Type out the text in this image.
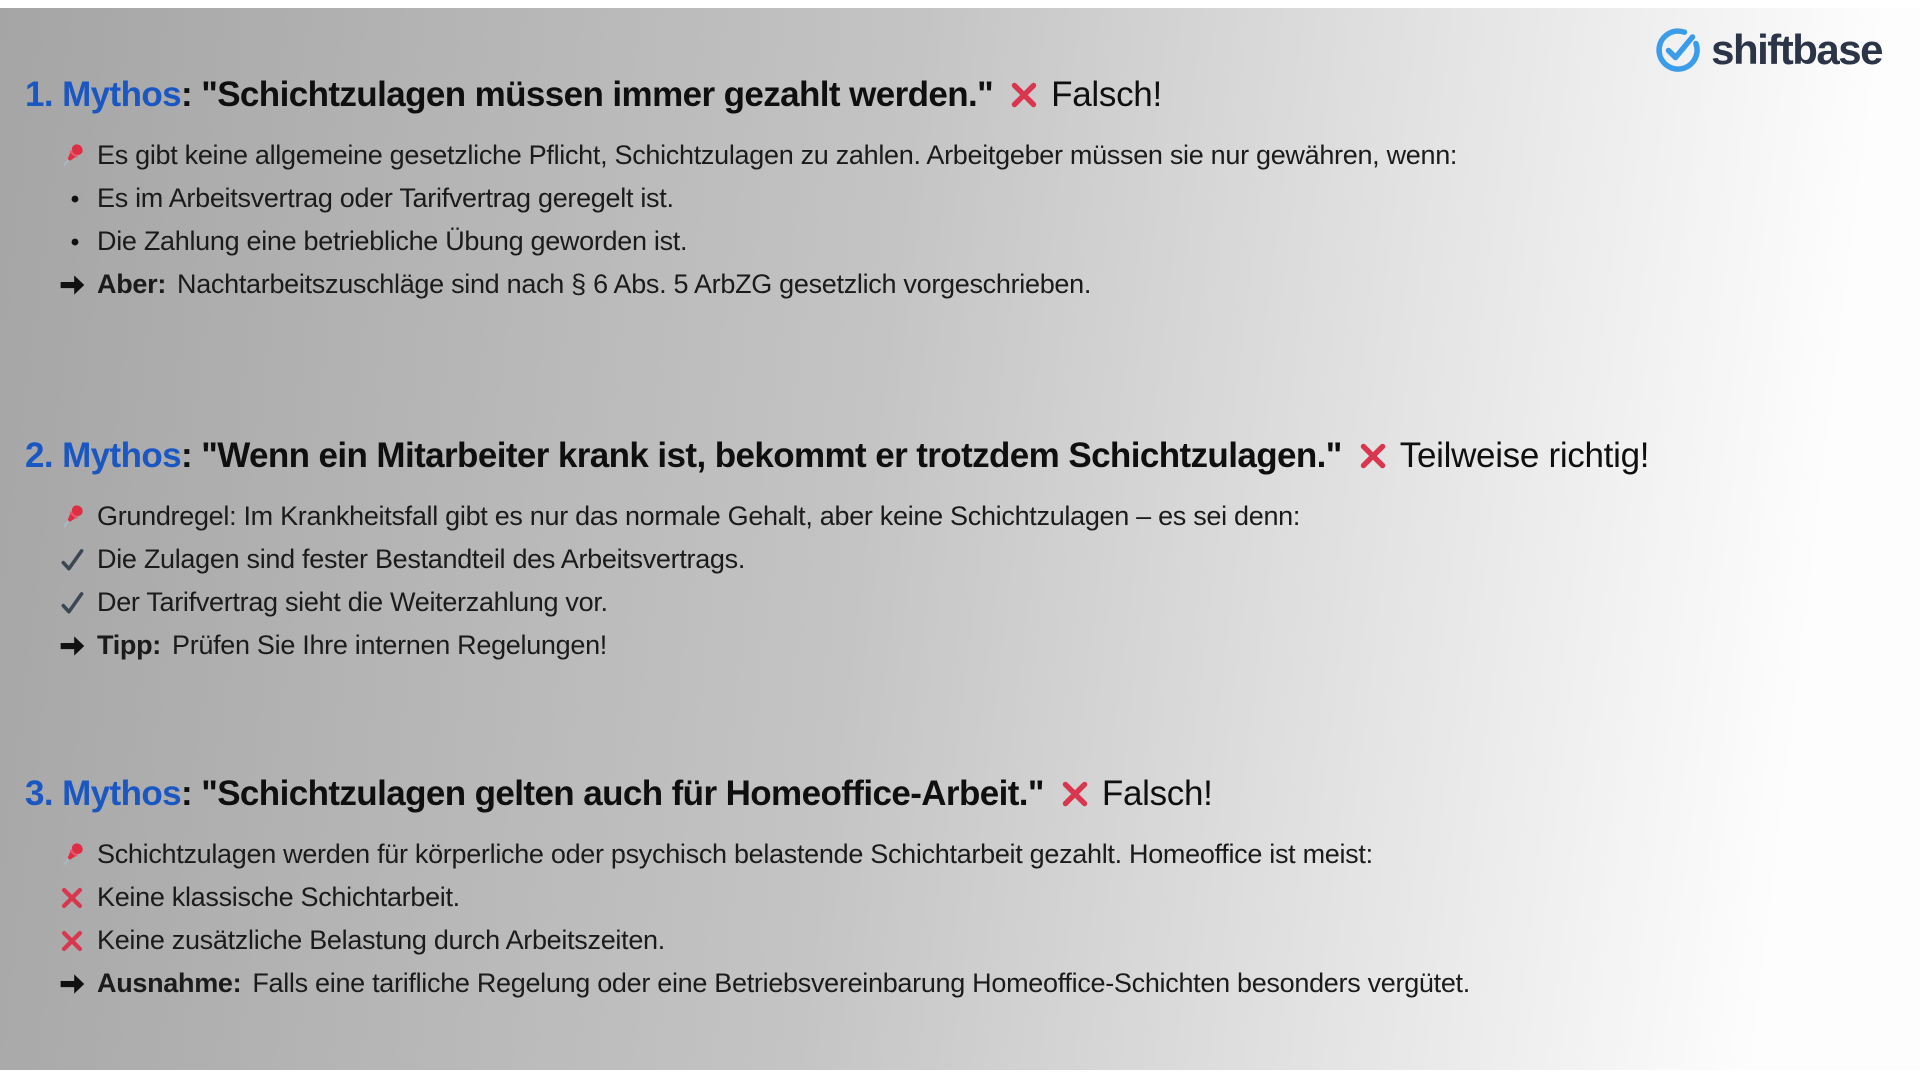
shiftbase
1. Mythos : "Schichtzulagen müssen immer gezahlt werden." Falsch!
Es gibt keine allgemeine gesetzliche Pflicht, Schichtzulagen zu zahlen. Arbeitgeber müssen sie nur gewähren, wenn:
Es im Arbeitsvertrag oder Tarifvertrag geregelt ist.
Die Zahlung eine betriebliche Übung geworden ist.
Aber: Nachtarbeitszuschläge sind nach § 6 Abs. 5 ArbZG gesetzlich vorgeschrieben.
2. Mythos : "Wenn ein Mitarbeiter krank ist, bekommt er trotzdem Schichtzulagen." Teilweise richtig!
Grundregel: Im Krankheitsfall gibt es nur das normale Gehalt, aber keine Schichtzulagen – es sei denn:
Die Zulagen sind fester Bestandteil des Arbeitsvertrags.
Der Tarifvertrag sieht die Weiterzahlung vor.
Tipp: Prüfen Sie Ihre internen Regelungen!
3. Mythos : "Schichtzulagen gelten auch für Homeoffice-Arbeit." Falsch!
Schichtzulagen werden für körperliche oder psychisch belastende Schichtarbeit gezahlt. Homeoffice ist meist:
Keine klassische Schichtarbeit.
Keine zusätzliche Belastung durch Arbeitszeiten.
Ausnahme: Falls eine tarifliche Regelung oder eine Betriebsvereinbarung Homeoffice-Schichten besonders vergütet.
